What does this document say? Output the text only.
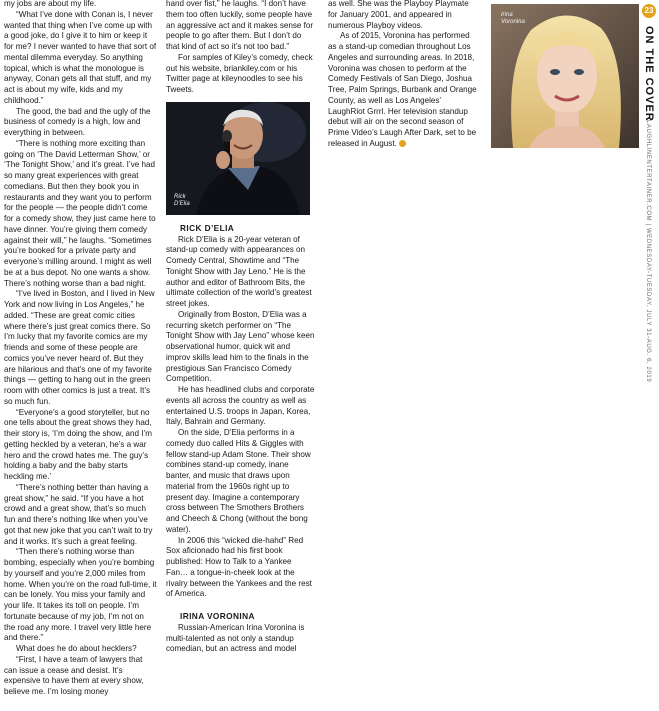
my jobs are about my life.

“What I’ve done with Conan is, I never wanted that thing when I’ve come up with a good joke, do I give it to him or keep it for me? I never wanted to have that sort of mental dilemma everyday. So anything topical, which is what the monologue is anyway, Conan gets all that stuff, and my act is about my wife, kids and my childhood.”

The good, the bad and the ugly of the business of comedy is a high, low and everything in between.

“There is nothing more exciting than going on ‘The David Letterman Show,’ or ‘The Tonight Show,’ and it’s great. I’ve had so many great experiences with great comedians. But then they book you in restaurants and they want you to perform for the people — the people didn’t come for a comedy show, they just came here to have dinner. You’re giving them comedy against their will,” he laughs. “Sometimes you’re booked for a private party and everyone’s milling around. I might as well be at a bus depot. No one wants a show. There’s nothing worse than a bad night.

“I’ve lived in Boston, and I lived in New York and now living in Los Angeles,” he added. “These are great comic cities where there’s just great comics there. So I’m lucky that my favorite comics are my friends and some of these people are comics you’ve never heard of. But they are hilarious and that’s one of my favorite things — getting to hang out in the green room with other comics is just a treat. It’s so much fun.

“Everyone’s a good storyteller, but no one tells about the great shows they had, their story is, ‘I’m doing the show, and I’m getting heckled by a veteran, he’s a war hero and the crowd hates me. The guy’s holding a baby and the baby starts heckling me.’

“There’s nothing better than having a great show,” he said. “If you have a hot crowd and a great show, that’s so much fun and there’s nothing like when you’ve got that new joke that you can’t wait to try and it works. It’s such a great feeling.

“Then there’s nothing worse than bombing, especially when you’re bombing by yourself and you’re 2,000 miles from home. When you’re on the road full-time, it can be lonely. You miss your family and your life. It takes its toll on people. I’m fortunate because of my job, I’m not on the road any more. I travel very little here and there.”

What does he do about hecklers?

“First, I have a team of lawyers that can issue a cease and desist. It’s expensive to have them at every show, believe me. I’m losing money

hand over fist,” he laughs. “I don’t have them too often luckily, some people have an aggressive act and it makes sense for people to go after them. But I don’t do that kind of act so it’s not too bad.”

For samples of Kiley’s comedy, check out his website, briankiley.com or his Twitter page at kileynoodles to see his Tweets.

Rick
D’Elia
RICK D’ELIA

Rick D’Elia is a 20-year veteran of stand-up comedy with appearances on Comedy Central, Showtime and “The Tonight Show with Jay Leno.” He is the author and editor of Bathroom Bits, the ultimate collection of the world’s greatest street jokes.

Originally from Boston, D’Elia was a recurring sketch performer on “The Tonight Show with Jay Leno” whose keen observational humor, quick wit and improv skills lead him to the finals in the prestigious San Francisco Comedy Competition.

He has headlined clubs and corporate events all across the country as well as entertained U.S. troops in Japan, Korea, Italy, Bahrain and Germany.

On the side, D’Elia performs in a comedy duo called Hits & Giggles with fellow stand-up Adam Stone. Their show combines stand-up comedy, inane banter, and music that draws upon material from the 1960s right up to present day. Imagine a contemporary cross between The Smothers Brothers and Cheech & Chong (without the bong water).

In 2006 this “wicked die-hahd” Red Sox aficionado had his first book published: How to Talk to a Yankee Fan… a tongue-in-cheek look at the rivalry between the Yankees and the rest of America.

IRINA VORONINA

Russian-American Irina Voronina is multi-talented as not only a standup comedian, but an actress and model

as well. She was the Playboy Playmate for January 2001, and appeared in numerous Playboy videos.

As of 2015, Voronina has performed as a stand-up comedian throughout Los Angeles and surrounding areas. In 2018, Voronina was chosen to perform at the Comedy Festivals of San Diego, Joshua Tree, Palm Springs, Burbank and Orange County, as well as Los Angeles’ LaughRiot Grrrl. Her television standup debut will air on the second season of Prime Video’s Laugh After Dark, set to be released in August.

Irina
Voronina
23
ON THE COVER
LAUGHLINENTERTAINER.COM | WEDNESDAY-TUESDAY, JULY 31-AUG. 6, 2019
